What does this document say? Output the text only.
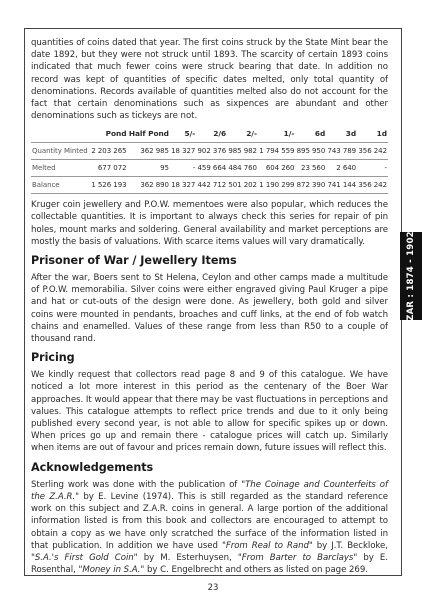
quantities of coins dated that year. The first coins struck by the State Mint bear the date 1892, but they were not struck until 1893. The scarcity of certain 1893 coins indicated that much fewer coins were struck bearing that date. In addition no record was kept of quantities of specific dates melted, only total quantity of denominations. Records available of quantities melted also do not account for the fact that certain denominations such as sixpences are abundant and other denominations such as tickeys are not.

	Pond	Half Pond	5/-	2/6	2/-	1/-	6d	3d	1d
Quantity Minted	2 203 265	362 985	18 327	902 376	985 982	1 794 559	895 950	743 789	356 242
Melted	677 072	95	-	459 664	484 760	604 260	23 560	2 640	-
Balance	1 526 193	362 890	18 327	442 712	501 202	1 190 299	872 390	741 144	356 242

Kruger coin jewellery and P.O.W. mementoes were also popular, which reduces the collectable quantities. It is important to always check this series for repair of pin holes, mount marks and soldering. General availability and market perceptions are mostly the basis of valuations. With scarce items values will vary dramatically.

Prisoner of War / Jewellery Items

After the war, Boers sent to St Helena, Ceylon and other camps made a multitude of P.O.W. memorabilia. Silver coins were either engraved giving Paul Kruger a pipe and hat or cut-outs of the design were done. As jewellery, both gold and silver coins were mounted in pendants, broaches and cuff links, at the end of fob watch chains and enamelled. Values of these range from less than R50 to a couple of thousand rand.

Pricing

We kindly request that collectors read page 8 and 9 of this catalogue. We have noticed a lot more interest in this period as the centenary of the Boer War approaches. It would appear that there may be vast fluctuations in perceptions and values. This catalogue attempts to reflect price trends and due to it only being published every second year, is not able to allow for specific spikes up or down. When prices go up and remain there - catalogue prices will catch up. Similarly when items are out of favour and prices remain down, future issues will reflect this.

Acknowledgements

Sterling work was done with the publication of "The Coinage and Counterfeits of the Z.A.R." by E. Levine (1974). This is still regarded as the standard reference work on this subject and Z.A.R. coins in general. A large portion of the additional information listed is from this book and collectors are encouraged to attempt to obtain a copy as we have only scratched the surface of the information listed in that publication. In addition we have used "From Real to Rand" by J.T. Beckloke, "S.A.'s First Gold Coin" by M. Esterhuysen, "From Barter to Barclays" by E. Rosenthal, "Money in S.A." by C. Engelbrecht and others as listed on page 269.

ZAR : 1874 - 1902
23
